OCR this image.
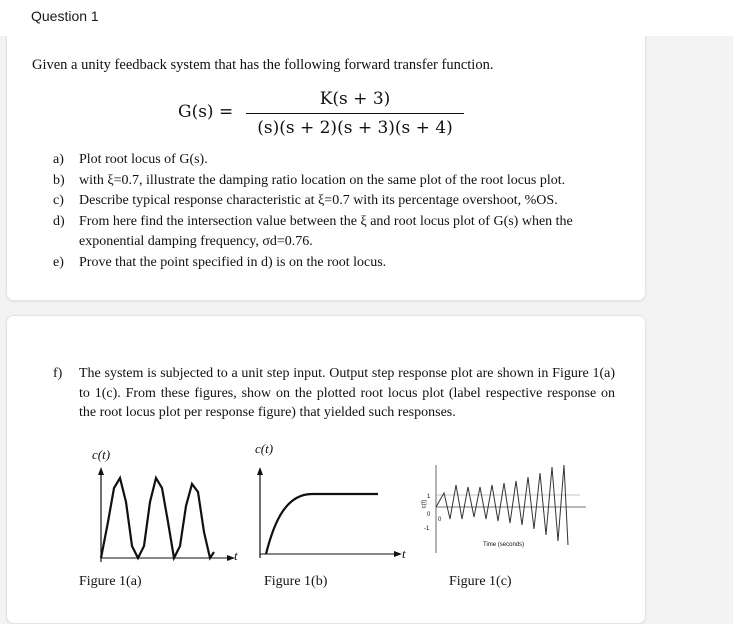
Question 1
Given a unity feedback system that has the following forward transfer function.
G(s) =
K(s + 3)
(s)(s + 2)(s + 3)(s + 4)
a) Plot root locus of G(s).
b) with ξ=0.7, illustrate the damping ratio location on the same plot of the root locus plot.
c) Describe typical response characteristic at ξ=0.7 with its percentage overshoot, %OS.
d) From here find the intersection value between the ξ and root locus plot of G(s) when the exponential damping frequency, σd=0.76.
e) Prove that the point specified in d) is on the root locus.
f)	The system is subjected to a unit step input. Output step response plot are shown in Figure 1(a) to 1(c). From these figures, show on the plotted root locus plot (label respective response on the root locus plot per response figure) that yielded such responses.
c(t)
t
Figure 1(a)
c(t)
t
Figure 1(b)
c(t)
1
0
-1
0
Time (seconds)
Figure 1(c)
